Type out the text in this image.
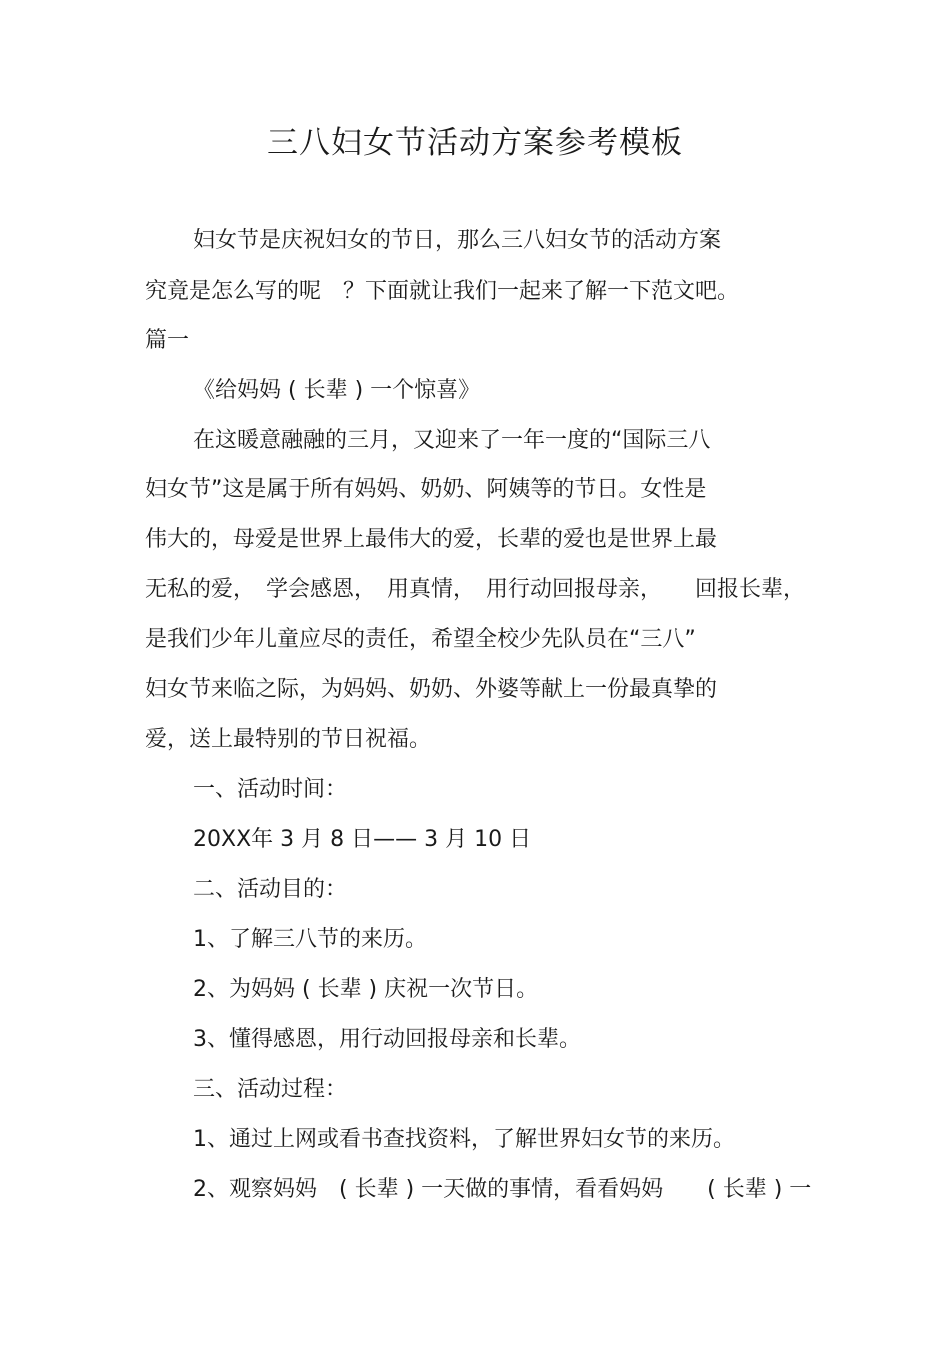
三八妇女节活动方案参考模板
妇女节是庆祝妇女的节日，那么三八妇女节的活动方案
究竟是怎么写的呢　？下面就让我们一起来了解一下范文吧。
篇一
《给妈妈 ( 长辈 ) 一个惊喜》
在这暖意融融的三月，又迎来了一年一度的“国际三八
妇女节”这是属于所有妈妈、奶奶、阿姨等的节日。女性是
伟大的，母爱是世界上最伟大的爱，长辈的爱也是世界上最
无私的爱，　学会感恩，　用真情，　用行动回报母亲，　　回报长辈，
是我们少年儿童应尽的责任，希望全校少先队员在“三八”
妇女节来临之际，为妈妈、奶奶、外婆等献上一份最真挚的
爱，送上最特别的节日祝福。
一、活动时间：
20XX年 3 月 8 日—— 3 月 10 日
二、活动目的：
1、了解三八节的来历。
2、为妈妈 ( 长辈 ) 庆祝一次节日。
3、懂得感恩，用行动回报母亲和长辈。
三、活动过程：
1、通过上网或看书查找资料，了解世界妇女节的来历。
2、观察妈妈　( 长辈 ) 一天做的事情，看看妈妈　　( 长辈 ) 一
